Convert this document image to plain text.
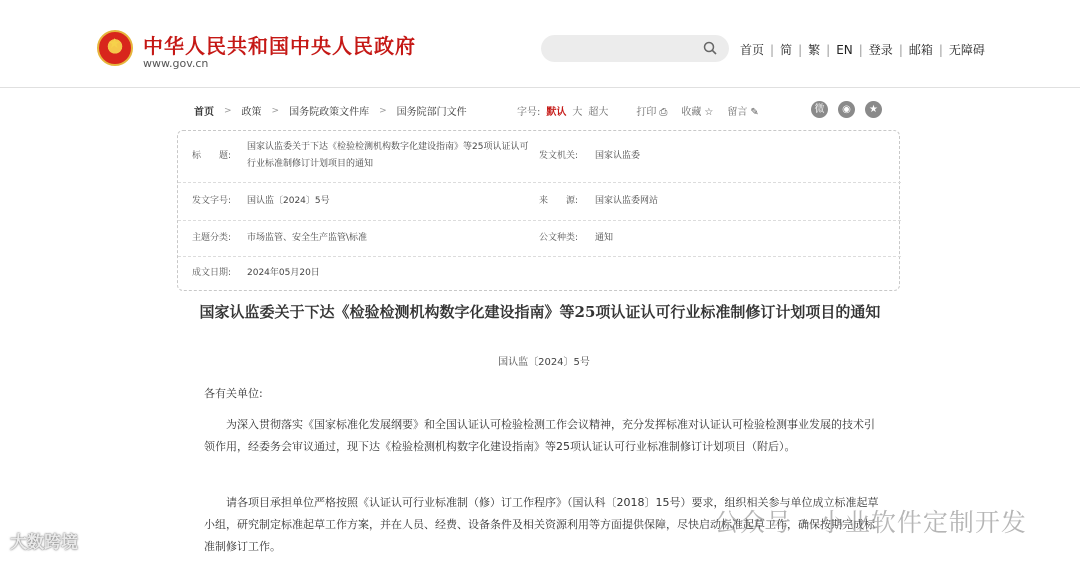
★
中华人民共和国中央人民政府
www.gov.cn
首页 | 简 | 繁 | EN | 登录 | 邮箱 | 无障碍
首页 > 政策 > 国务院政策文件库 > 国务院部门文件	字号: 默认 大 超大	打印 ⎙ 收藏 ☆ 留言 ✎	微	◉	★
标　　题:
国家认监委关于下达《检验检测机构数字化建设指南》等25项认证认可行业标准制修订计划项目的通知
发文机关: 国家认监委
发文字号: 国认监〔2024〕5号	来　　源: 国家认监委网站
主题分类: 市场监管、安全生产监管\标准	公文种类: 通知
成文日期: 2024年05月20日
国家认监委关于下达《检验检测机构数字化建设指南》等25项认证认可行业标准制修订计划项目的通知
国认监〔2024〕5号
各有关单位:
为深入贯彻落实《国家标准化发展纲要》和全国认证认可检验检测工作会议精神，充分发挥标准对认证认可检验检测事业发展的技术引领作用，经委务会审议通过，现下达《检验检测机构数字化建设指南》等25项认证认可行业标准制修订计划项目（附后）。
请各项目承担单位严格按照《认证认可行业标准制（修）订工作程序》（国认科〔2018〕15号）要求，组织相关参与单位成立标准起草小组，研究制定标准起草工作方案，并在人员、经费、设备条件及相关资源利用等方面提供保障，尽快启动标准起草工作，确保按期完成标准制修订工作。
大数跨境
公众号 · 小业软件定制开发
